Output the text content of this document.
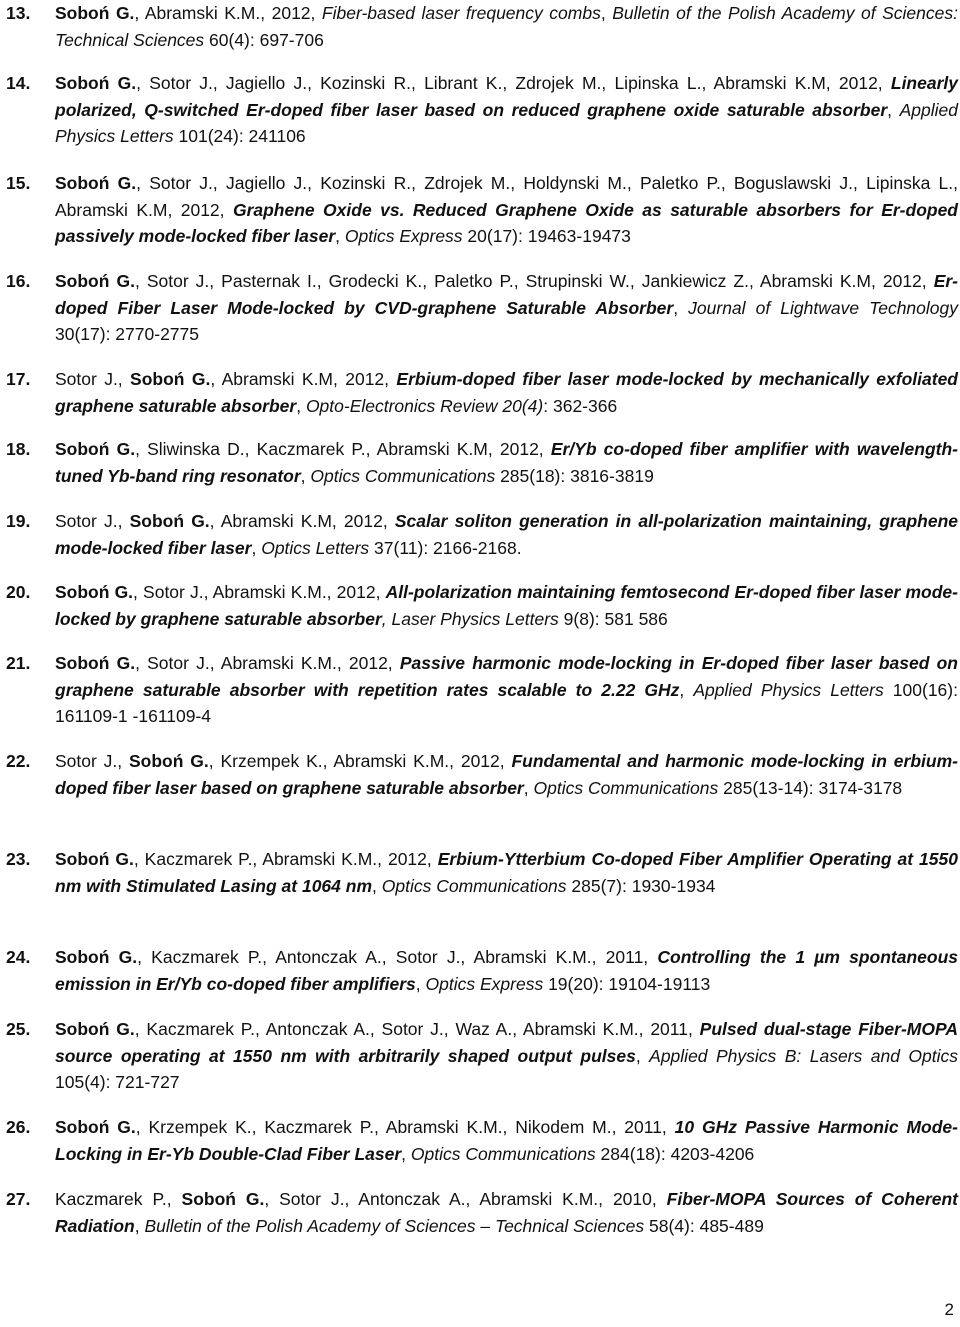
13. Soboń G., Abramski K.M., 2012, Fiber-based laser frequency combs, Bulletin of the Polish Academy of Sciences: Technical Sciences 60(4): 697-706
14. Soboń G., Sotor J., Jagiello J., Kozinski R., Librant K., Zdrojek M., Lipinska L., Abramski K.M, 2012, Linearly polarized, Q-switched Er-doped fiber laser based on reduced graphene oxide saturable absorber, Applied Physics Letters 101(24): 241106
15. Soboń G., Sotor J., Jagiello J., Kozinski R., Zdrojek M., Holdynski M., Paletko P., Boguslawski J., Lipinska L., Abramski K.M, 2012, Graphene Oxide vs. Reduced Graphene Oxide as saturable absorbers for Er-doped passively mode-locked fiber laser, Optics Express 20(17): 19463-19473
16. Soboń G., Sotor J., Pasternak I., Grodecki K., Paletko P., Strupinski W., Jankiewicz Z., Abramski K.M, 2012, Er-doped Fiber Laser Mode-locked by CVD-graphene Saturable Absorber, Journal of Lightwave Technology 30(17): 2770-2775
17. Sotor J., Soboń G., Abramski K.M, 2012, Erbium-doped fiber laser mode-locked by mechanically exfoliated graphene saturable absorber, Opto-Electronics Review 20(4): 362-366
18. Soboń G., Sliwinska D., Kaczmarek P., Abramski K.M, 2012, Er/Yb co-doped fiber amplifier with wavelength-tuned Yb-band ring resonator, Optics Communications 285(18): 3816-3819
19. Sotor J., Soboń G., Abramski K.M, 2012, Scalar soliton generation in all-polarization maintaining, graphene mode-locked fiber laser, Optics Letters 37(11): 2166-2168.
20. Soboń G., Sotor J., Abramski K.M., 2012, All-polarization maintaining femtosecond Er-doped fiber laser mode-locked by graphene saturable absorber, Laser Physics Letters 9(8): 581 586
21. Soboń G., Sotor J., Abramski K.M., 2012, Passive harmonic mode-locking in Er-doped fiber laser based on graphene saturable absorber with repetition rates scalable to 2.22 GHz, Applied Physics Letters 100(16): 161109-1 -161109-4
22. Sotor J., Soboń G., Krzempek K., Abramski K.M., 2012, Fundamental and harmonic mode-locking in erbium-doped fiber laser based on graphene saturable absorber, Optics Communications 285(13-14): 3174-3178
23. Soboń G., Kaczmarek P., Abramski K.M., 2012, Erbium-Ytterbium Co-doped Fiber Amplifier Operating at 1550 nm with Stimulated Lasing at 1064 nm, Optics Communications 285(7): 1930-1934
24. Soboń G., Kaczmarek P., Antonczak A., Sotor J., Abramski K.M., 2011, Controlling the 1 µm spontaneous emission in Er/Yb co-doped fiber amplifiers, Optics Express 19(20): 19104-19113
25. Soboń G., Kaczmarek P., Antonczak A., Sotor J., Waz A., Abramski K.M., 2011, Pulsed dual-stage Fiber-MOPA source operating at 1550 nm with arbitrarily shaped output pulses, Applied Physics B: Lasers and Optics 105(4): 721-727
26. Soboń G., Krzempek K., Kaczmarek P., Abramski K.M., Nikodem M., 2011, 10 GHz Passive Harmonic Mode-Locking in Er-Yb Double-Clad Fiber Laser, Optics Communications 284(18): 4203-4206
27. Kaczmarek P., Soboń G., Sotor J., Antonczak A., Abramski K.M., 2010, Fiber-MOPA Sources of Coherent Radiation, Bulletin of the Polish Academy of Sciences – Technical Sciences 58(4): 485-489
2
